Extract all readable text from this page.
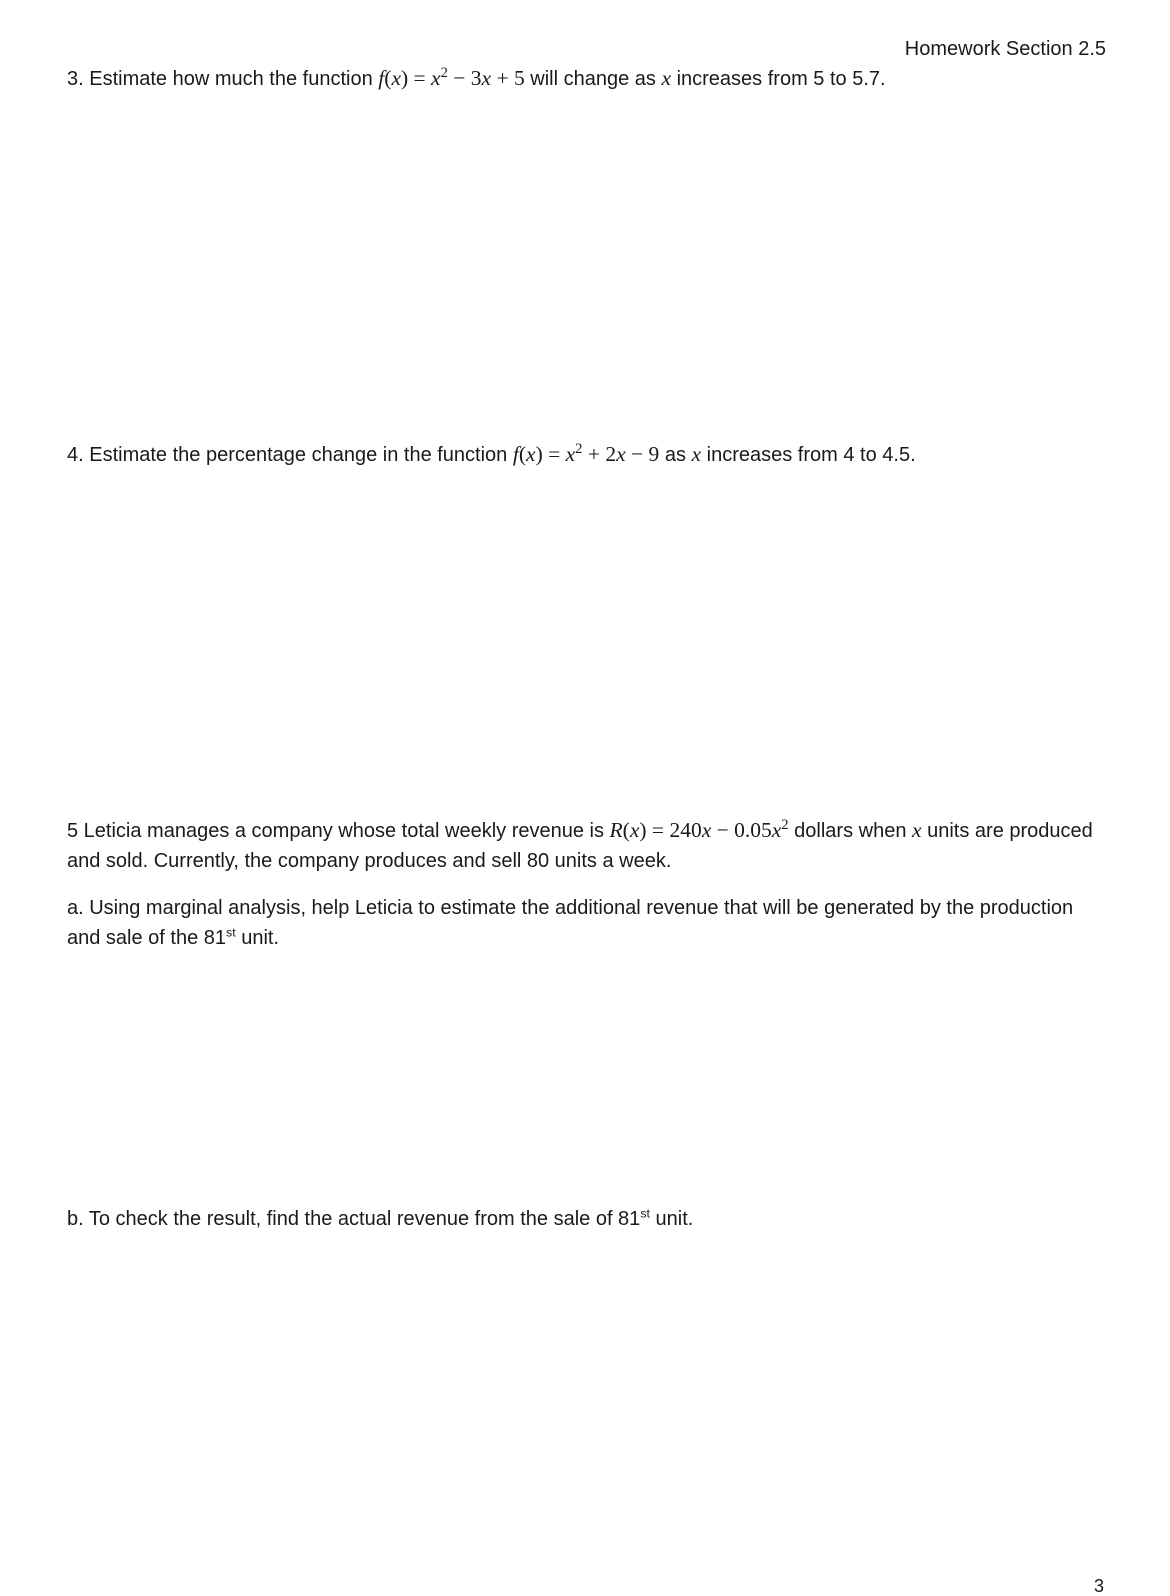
Homework Section 2.5

3. Estimate how much the function $f(x) = x^2 - 3x + 5$ will change as x increases from 5 to 5.7.

4. Estimate the percentage change in the function $f(x) = x^2 + 2x - 9$ as x increases from 4 to 4.5.

5 Leticia manages a company whose total weekly revenue is $R(x) = 240x - 0.05x^2$ dollars when x units are produced and sold. Currently, the company produces and sell 80 units a week.

a. Using marginal analysis, help Leticia to estimate the additional revenue that will be generated by the production and sale of the 81st unit.

b. To check the result, find the actual revenue from the sale of 81st unit.

3
